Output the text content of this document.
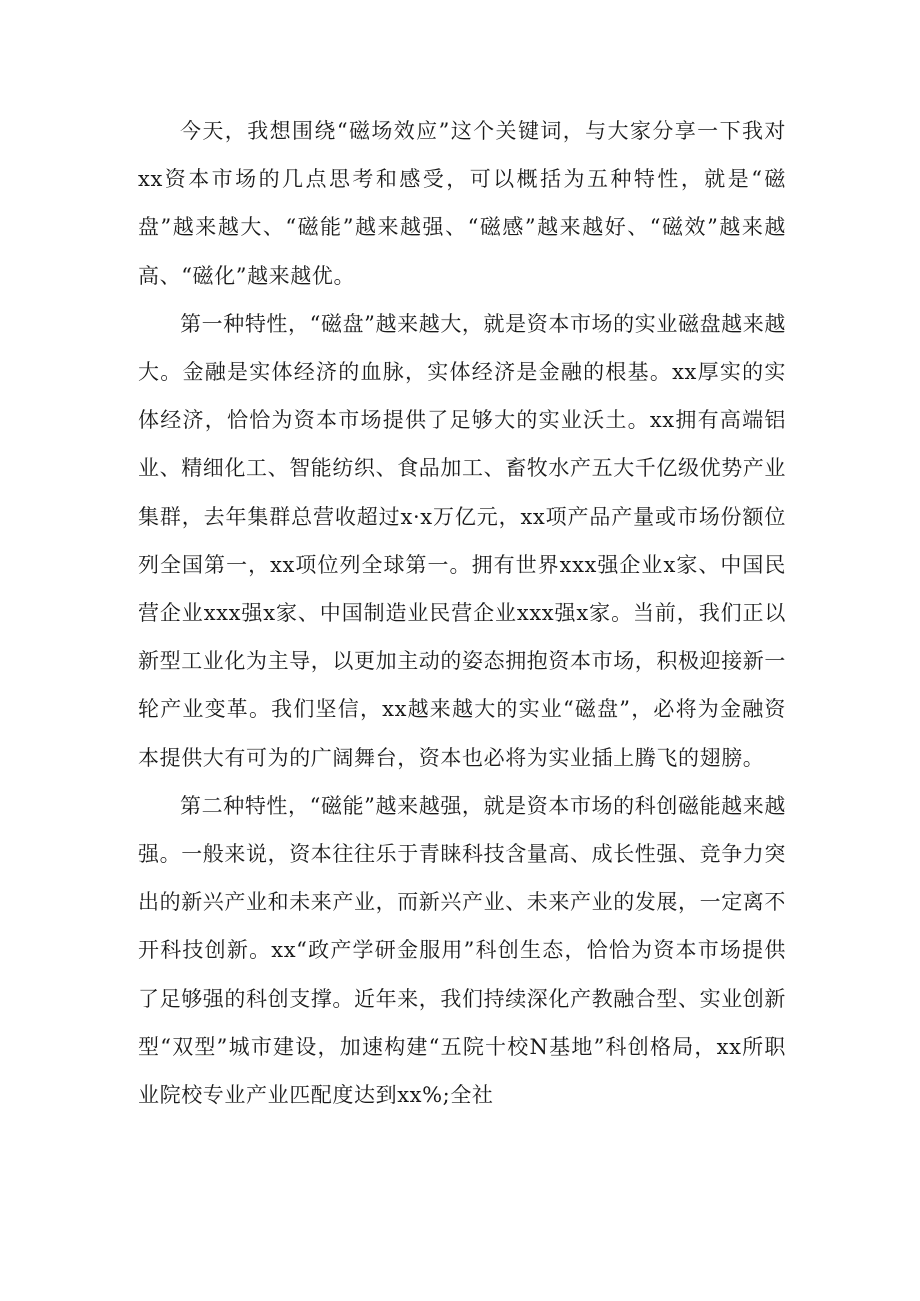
今天，我想围绕“磁场效应”这个关键词，与大家分享一下我对xx资本市场的几点思考和感受，可以概括为五种特性，就是“磁盘”越来越大、“磁能”越来越强、“磁感”越来越好、“磁效”越来越高、“磁化”越来越优。

第一种特性，“磁盘”越来越大，就是资本市场的实业磁盘越来越大。金融是实体经济的血脉，实体经济是金融的根基。xx厚实的实体经济，恰恰为资本市场提供了足够大的实业沃土。xx拥有高端铝业、精细化工、智能纺织、食品加工、畜牧水产五大千亿级优势产业集群，去年集群总营收超过x·x万亿元，xx项产品产量或市场份额位列全国第一，xx项位列全球第一。拥有世界xxx强企业x家、中国民营企业xxx强x家、中国制造业民营企业xxx强x家。当前，我们正以新型工业化为主导，以更加主动的姿态拥抱资本市场，积极迎接新一轮产业变革。我们坚信，xx越来越大的实业“磁盘”，必将为金融资本提供大有可为的广阔舞台，资本也必将为实业插上腾飞的翅膀。

第二种特性，“磁能”越来越强，就是资本市场的科创磁能越来越强。一般来说，资本往往乐于青睐科技含量高、成长性强、竞争力突出的新兴产业和未来产业，而新兴产业、未来产业的发展，一定离不开科技创新。xx“政产学研金服用”科创生态，恰恰为资本市场提供了足够强的科创支撑。近年来，我们持续深化产教融合型、实业创新型“双型”城市建设，加速构建“五院十校N基地”科创格局，xx所职业院校专业产业匹配度达到xx%;全社
